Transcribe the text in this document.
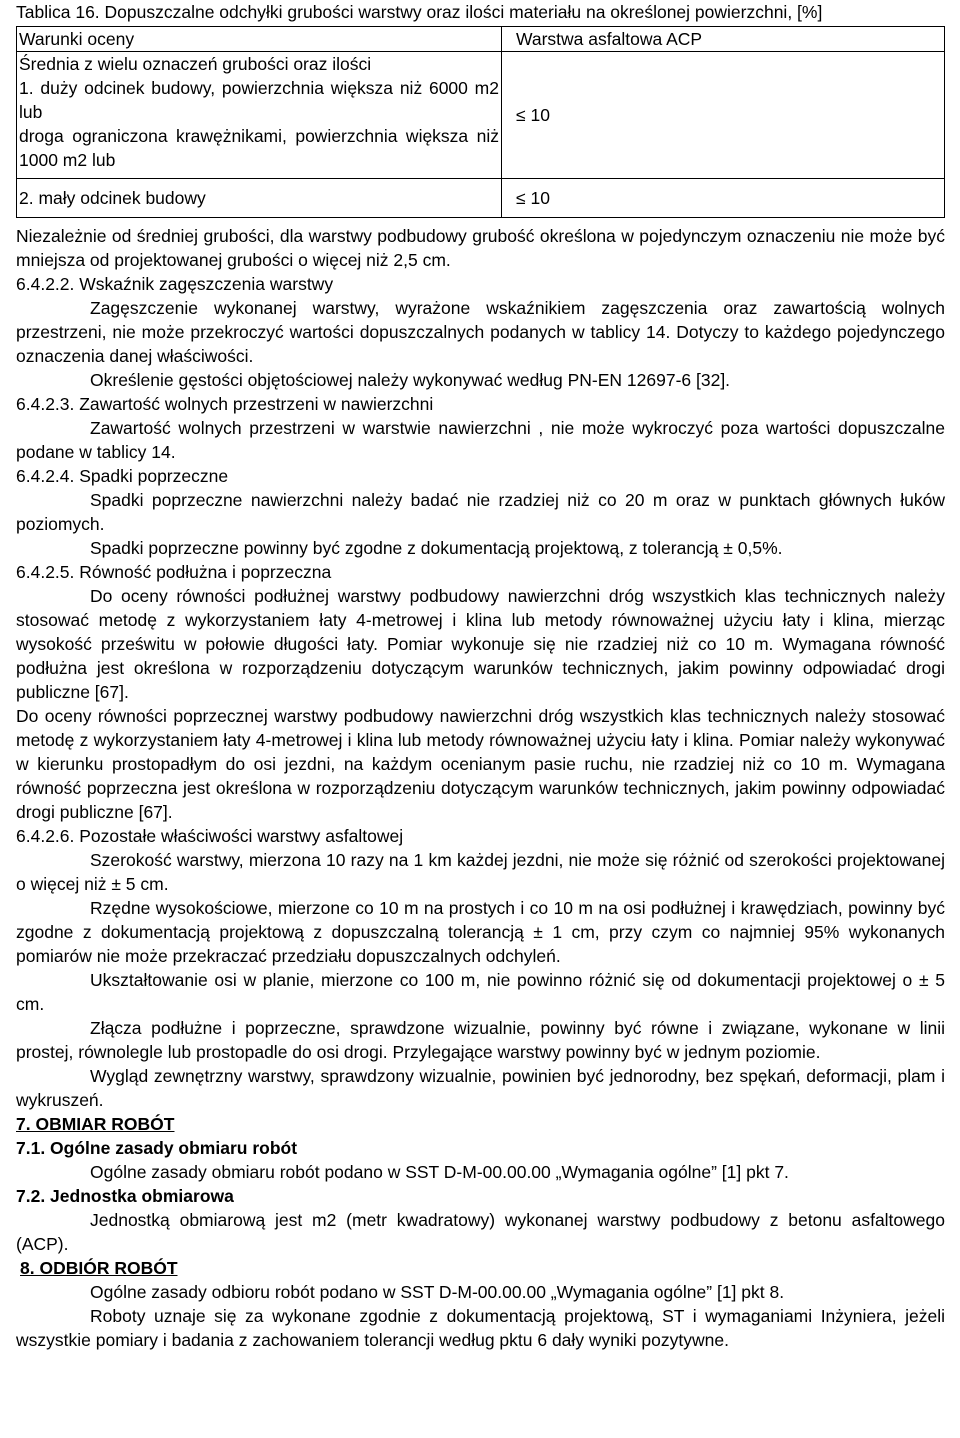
Tablica 16. Dopuszczalne odchyłki grubości warstwy oraz ilości materiału na określonej powierzchni, [%]

Warunki oceny	Warstwa asfaltowa ACP

Średnia z wielu oznaczeń grubości oraz ilości
1. duży odcinek budowy, powierzchnia większa niż 6000 m2 lub
droga ograniczona krawężnikami, powierzchnia większa niż 1000 m2 lub	≤ 10
2. mały odcinek budowy	≤ 10

Niezależnie od średniej grubości, dla warstwy podbudowy grubość określona w pojedynczym oznaczeniu nie może być mniejsza od projektowanej grubości o więcej niż 2,5 cm.

6.4.2.2. Wskaźnik zagęszczenia warstwy

Zagęszczenie wykonanej warstwy, wyrażone wskaźnikiem zagęszczenia oraz zawartością wolnych przestrzeni, nie może przekroczyć wartości dopuszczalnych podanych w tablicy 14. Dotyczy to każdego pojedynczego oznaczenia danej właściwości.

Określenie gęstości objętościowej należy wykonywać według PN-EN 12697-6 [32].

6.4.2.3. Zawartość wolnych przestrzeni w nawierzchni

Zawartość wolnych przestrzeni w warstwie nawierzchni , nie może wykroczyć poza wartości dopuszczalne podane w tablicy 14.

6.4.2.4. Spadki poprzeczne

Spadki poprzeczne nawierzchni należy badać nie rzadziej niż co 20 m oraz w punktach głównych łuków poziomych.

Spadki poprzeczne powinny być zgodne z dokumentacją projektową, z tolerancją ± 0,5%.

6.4.2.5. Równość podłużna i poprzeczna

Do oceny równości podłużnej warstwy podbudowy nawierzchni dróg wszystkich klas technicznych należy stosować metodę z wykorzystaniem łaty 4-metrowej i klina lub metody równoważnej użyciu łaty i klina, mierząc wysokość prześwitu w połowie długości łaty. Pomiar wykonuje się nie rzadziej niż co 10 m. Wymagana równość podłużna jest określona w rozporządzeniu dotyczącym warunków technicznych, jakim powinny odpowiadać drogi publiczne [67].

Do oceny równości poprzecznej warstwy podbudowy nawierzchni dróg wszystkich klas technicznych należy stosować metodę z wykorzystaniem łaty 4-metrowej i klina lub metody równoważnej użyciu łaty i klina. Pomiar należy wykonywać w kierunku prostopadłym do osi jezdni, na każdym ocenianym pasie ruchu, nie rzadziej niż co 10 m. Wymagana równość poprzeczna jest określona w rozporządzeniu dotyczącym warunków technicznych, jakim powinny odpowiadać drogi publiczne [67].

6.4.2.6. Pozostałe właściwości warstwy asfaltowej

Szerokość warstwy, mierzona 10 razy na 1 km każdej jezdni, nie może się różnić od szerokości projektowanej o więcej niż ± 5 cm.

Rzędne wysokościowe, mierzone co 10 m na prostych i co 10 m na osi podłużnej i krawędziach, powinny być zgodne z dokumentacją projektową z dopuszczalną tolerancją ± 1 cm, przy czym co najmniej 95% wykonanych pomiarów nie może przekraczać przedziału dopuszczalnych odchyleń.

Ukształtowanie osi w planie, mierzone co 100 m, nie powinno różnić się od dokumentacji projektowej o ± 5 cm.

Złącza podłużne i poprzeczne, sprawdzone wizualnie, powinny być równe i związane, wykonane w linii prostej, równolegle lub prostopadle do osi drogi. Przylegające warstwy powinny być w jednym poziomie.

Wygląd zewnętrzny warstwy, sprawdzony wizualnie, powinien być jednorodny, bez spękań, deformacji, plam i wykruszeń.

7. OBMIAR ROBÓT

7.1. Ogólne zasady obmiaru robót

Ogólne zasady obmiaru robót podano w SST D-M-00.00.00 „Wymagania ogólne” [1] pkt 7.

7.2. Jednostka obmiarowa

Jednostką obmiarową jest m2 (metr kwadratowy) wykonanej warstwy podbudowy z betonu asfaltowego (ACP).

8. ODBIÓR ROBÓT

Ogólne zasady odbioru robót podano w SST D-M-00.00.00 „Wymagania ogólne” [1] pkt 8.

Roboty uznaje się za wykonane zgodnie z dokumentacją projektową, ST i wymaganiami Inżyniera, jeżeli wszystkie pomiary i badania z zachowaniem tolerancji według pktu 6 dały wyniki pozytywne.
